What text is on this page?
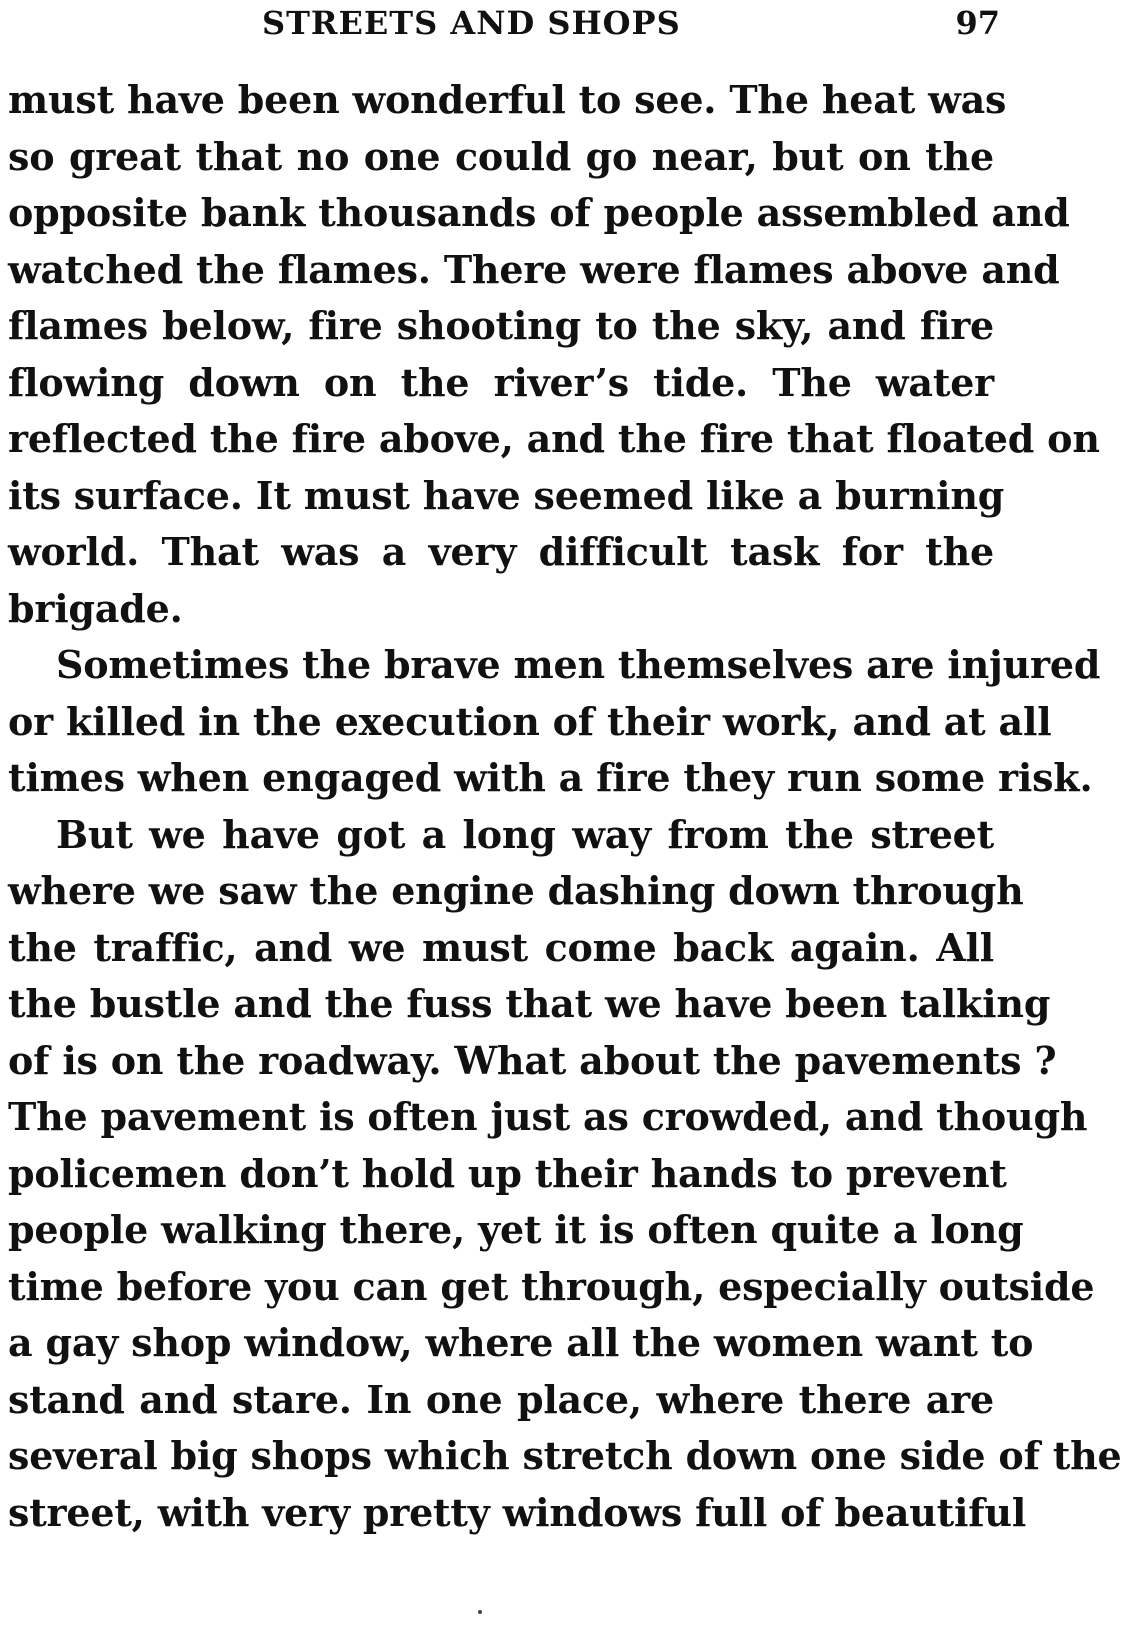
STREETS AND SHOPS	97
must have been wonderful to see. The heat was
so great that no one could go near, but on the
opposite bank thousands of people assembled and
watched the flames. There were flames above and
flames below, fire shooting to the sky, and fire
flowing down on the river’s tide. The water
reflected the fire above, and the fire that floated on
its surface. It must have seemed like a burning
world. That was a very difficult task for the
brigade.
Sometimes the brave men themselves are injured
or killed in the execution of their work, and at all
times when engaged with a fire they run some risk.
But we have got a long way from the street
where we saw the engine dashing down through
the traffic, and we must come back again. All
the bustle and the fuss that we have been talking
of is on the roadway. What about the pavements ?
The pavement is often just as crowded, and though
policemen don’t hold up their hands to prevent
people walking there, yet it is often quite a long
time before you can get through, especially outside
a gay shop window, where all the women want to
stand and stare. In one place, where there are
several big shops which stretch down one side of the
street, with very pretty windows full of beautiful
